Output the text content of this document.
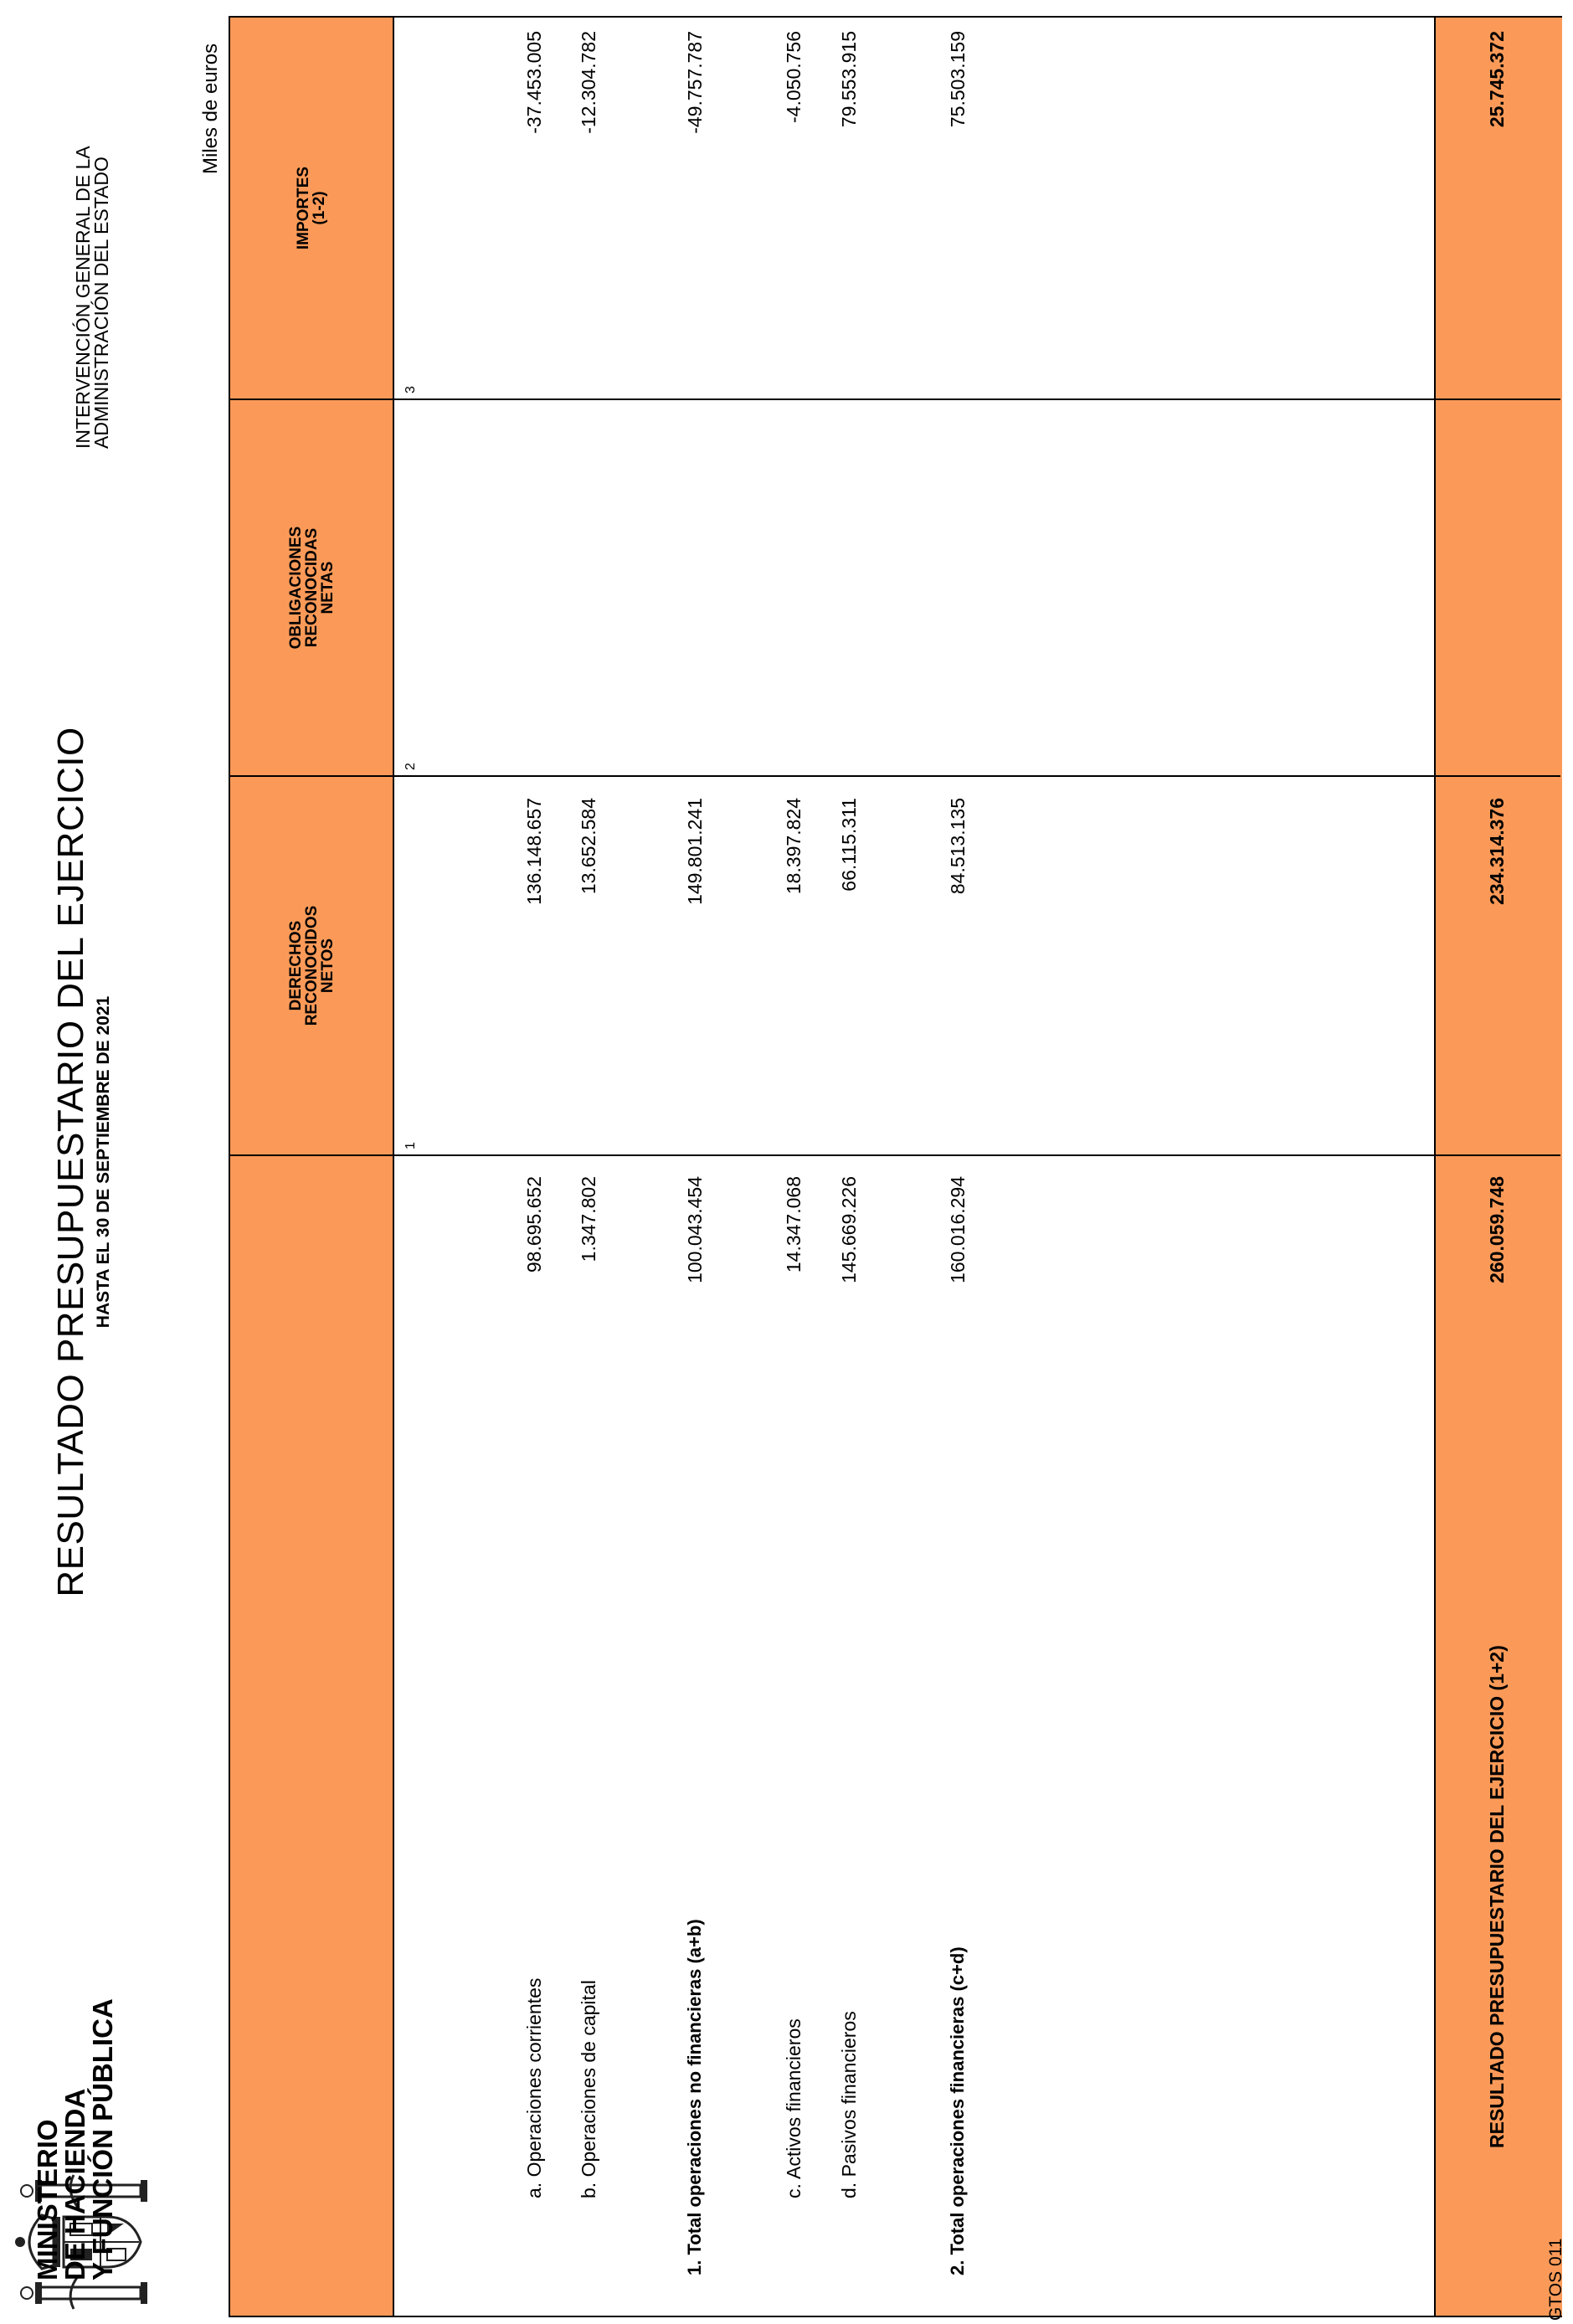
MINISTERIO
DE HACIENDA
Y FUNCIÓN PÚBLICA
RESULTADO PRESUPUESTARIO DEL EJERCICIO HASTA EL 30 DE SEPTIEMBRE DE 2021
INTERVENCIÓN GENERAL DE LA
ADMINISTRACIÓN DEL ESTADO
Miles de euros
DERECHOS
RECONOCIDOS
NETOS
OBLIGACIONES
RECONOCIDAS
NETAS
IMPORTES
(1-2)
1
2
3
a. Operaciones corrientes
98.695.652
136.148.657
-37.453.005
b. Operaciones de capital
1.347.802
13.652.584
-12.304.782
1. Total operaciones no financieras (a+b)
100.043.454
149.801.241
-49.757.787
c. Activos financieros
14.347.068
18.397.824
-4.050.756
d. Pasivos financieros
145.669.226
66.115.311
79.553.915
2. Total operaciones financieras (c+d)
160.016.294
84.513.135
75.503.159
RESULTADO PRESUPUESTARIO DEL EJERCICIO (1+2)
260.059.748
234.314.376
25.745.372
GTOS 011
